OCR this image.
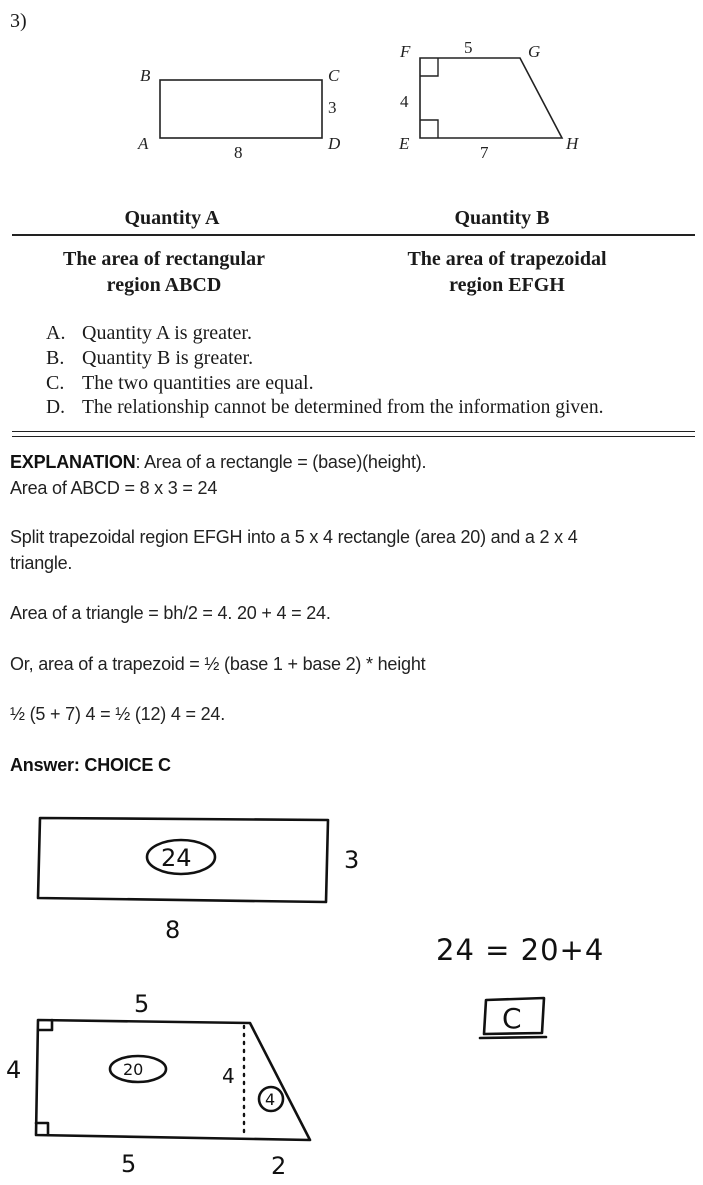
3)
B	C
A	D
8
3
F	G
E	H
5
4
7
Quantity A	Quantity B
The area of rectangular
region ABCD
The area of trapezoidal
region EFGH
A. Quantity A is greater.
B. Quantity B is greater.
C. The two quantities are equal.
D. The relationship cannot be determined from the information given.
EXPLANATION: Area of a rectangle = (base)(height).
Area of ABCD = 8 x 3 = 24
Split trapezoidal region EFGH into a 5 x 4 rectangle (area 20) and a 2 x 4
triangle.
Area of a triangle = bh/2 = 4. 20 + 4 = 24.
Or, area of a trapezoid = ½ (base 1 + base 2) * height
½ (5 + 7) 4 = ½ (12) 4 = 24.
Answer: CHOICE C
24	3
8
5
4	20	4
4
5	2
24 = 20+4
C
